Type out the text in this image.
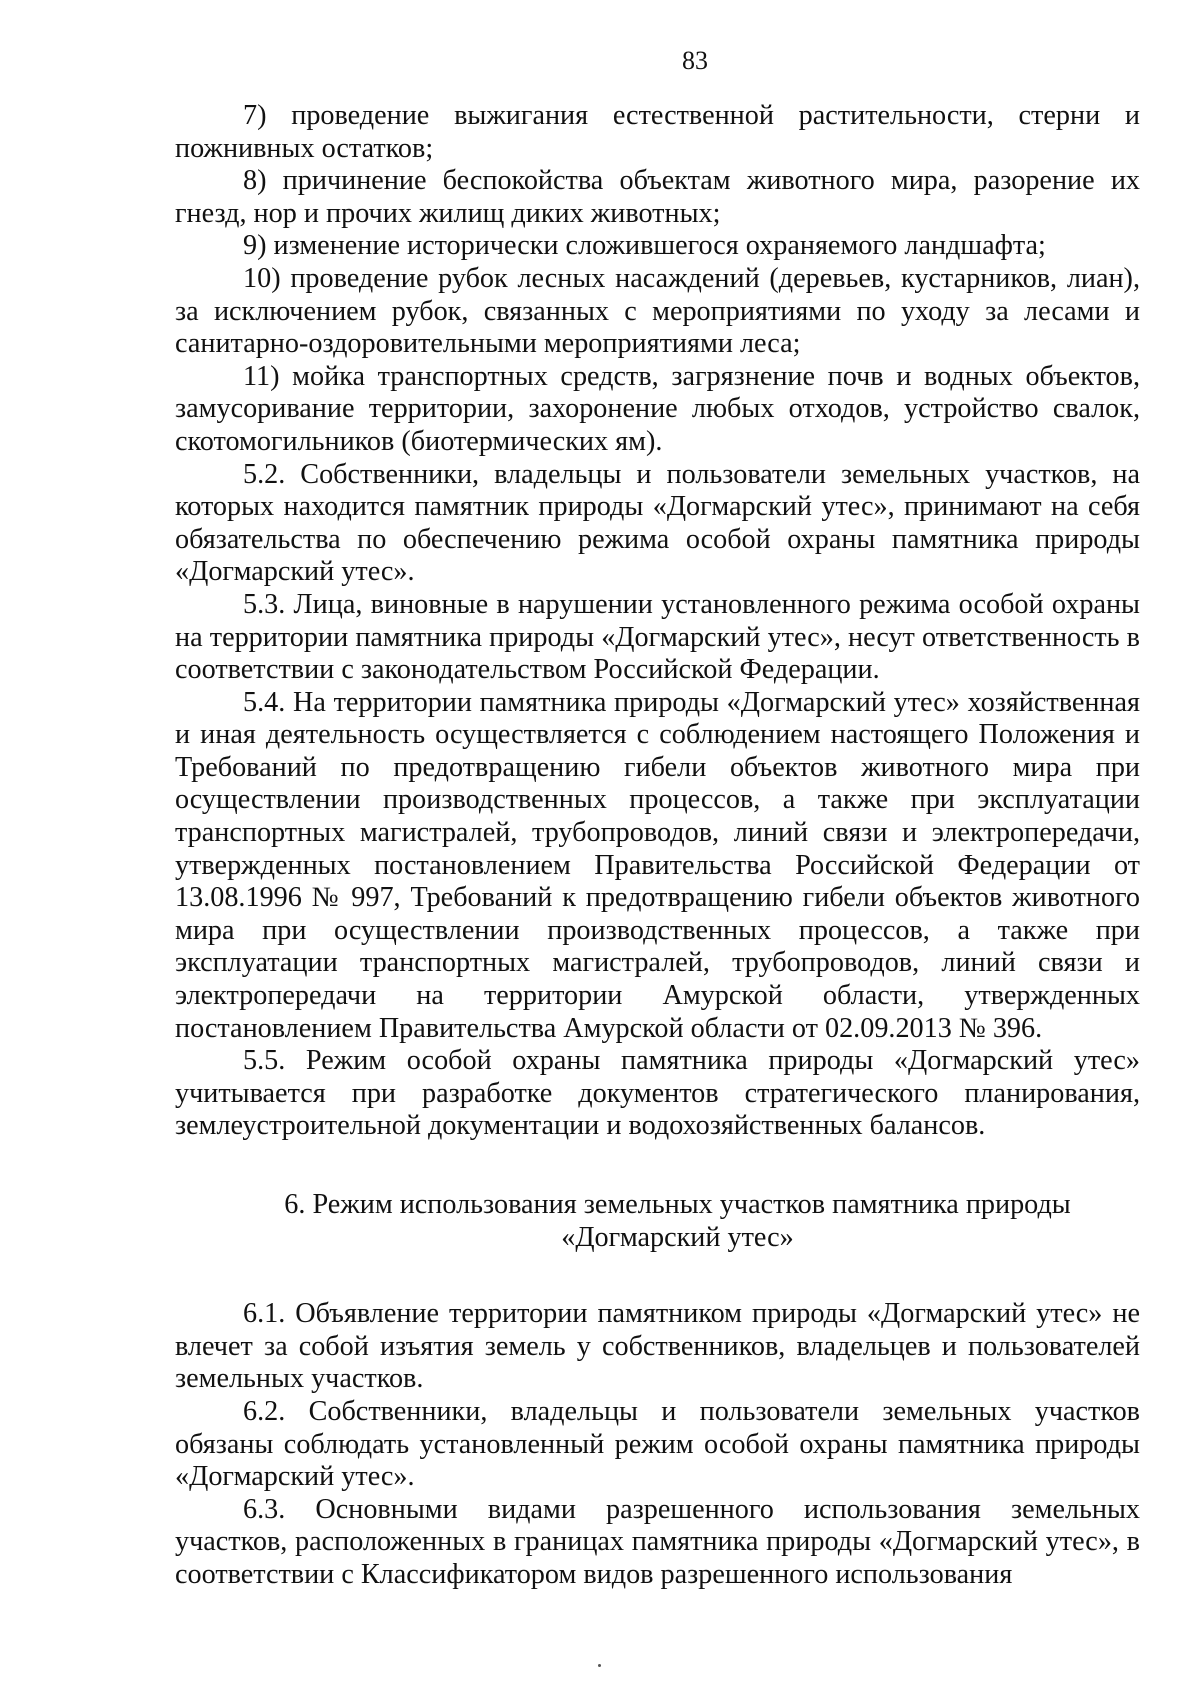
83

7) проведение выжигания естественной растительности, стерни и пожнивных остатков;

8) причинение беспокойства объектам животного мира, разорение их гнезд, нор и прочих жилищ диких животных;

9) изменение исторически сложившегося охраняемого ландшафта;

10) проведение рубок лесных насаждений (деревьев, кустарников, лиан), за исключением рубок, связанных с мероприятиями по уходу за лесами и санитарно-оздоровительными мероприятиями леса;

11) мойка транспортных средств, загрязнение почв и водных объектов, замусоривание территории, захоронение любых отходов, устройство свалок, скотомогильников (биотермических ям).

5.2. Собственники, владельцы и пользователи земельных участков, на которых находится памятник природы «Догмарский утес», принимают на себя обязательства по обеспечению режима особой охраны памятника природы «Догмарский утес».

5.3. Лица, виновные в нарушении установленного режима особой охраны на территории памятника природы «Догмарский утес», несут ответственность в соответствии с законодательством Российской Федерации.

5.4. На территории памятника природы «Догмарский утес» хозяйственная и иная деятельность осуществляется с соблюдением настоящего Положения и Требований по предотвращению гибели объектов животного мира при осуществлении производственных процессов, а также при эксплуатации транспортных магистралей, трубопроводов, линий связи и электропередачи, утвержденных постановлением Правительства Российской Федерации от 13.08.1996 № 997, Требований к предотвращению гибели объектов животного мира при осуществлении производственных процессов, а также при эксплуатации транспортных магистралей, трубопроводов, линий связи и электропередачи на территории Амурской области, утвержденных постановлением Правительства Амурской области от 02.09.2013 № 396.

5.5. Режим особой охраны памятника природы «Догмарский утес» учитывается при разработке документов стратегического планирования, землеустроительной документации и водохозяйственных балансов.

6. Режим использования земельных участков памятника природы
«Догмарский утес»

6.1. Объявление территории памятником природы «Догмарский утес» не влечет за собой изъятия земель у собственников, владельцев и пользователей земельных участков.

6.2. Собственники, владельцы и пользователи земельных участков обязаны соблюдать установленный режим особой охраны памятника природы «Догмарский утес».

6.3. Основными видами разрешенного использования земельных участков, расположенных в границах памятника природы «Догмарский утес», в соответствии с Классификатором видов разрешенного использования
